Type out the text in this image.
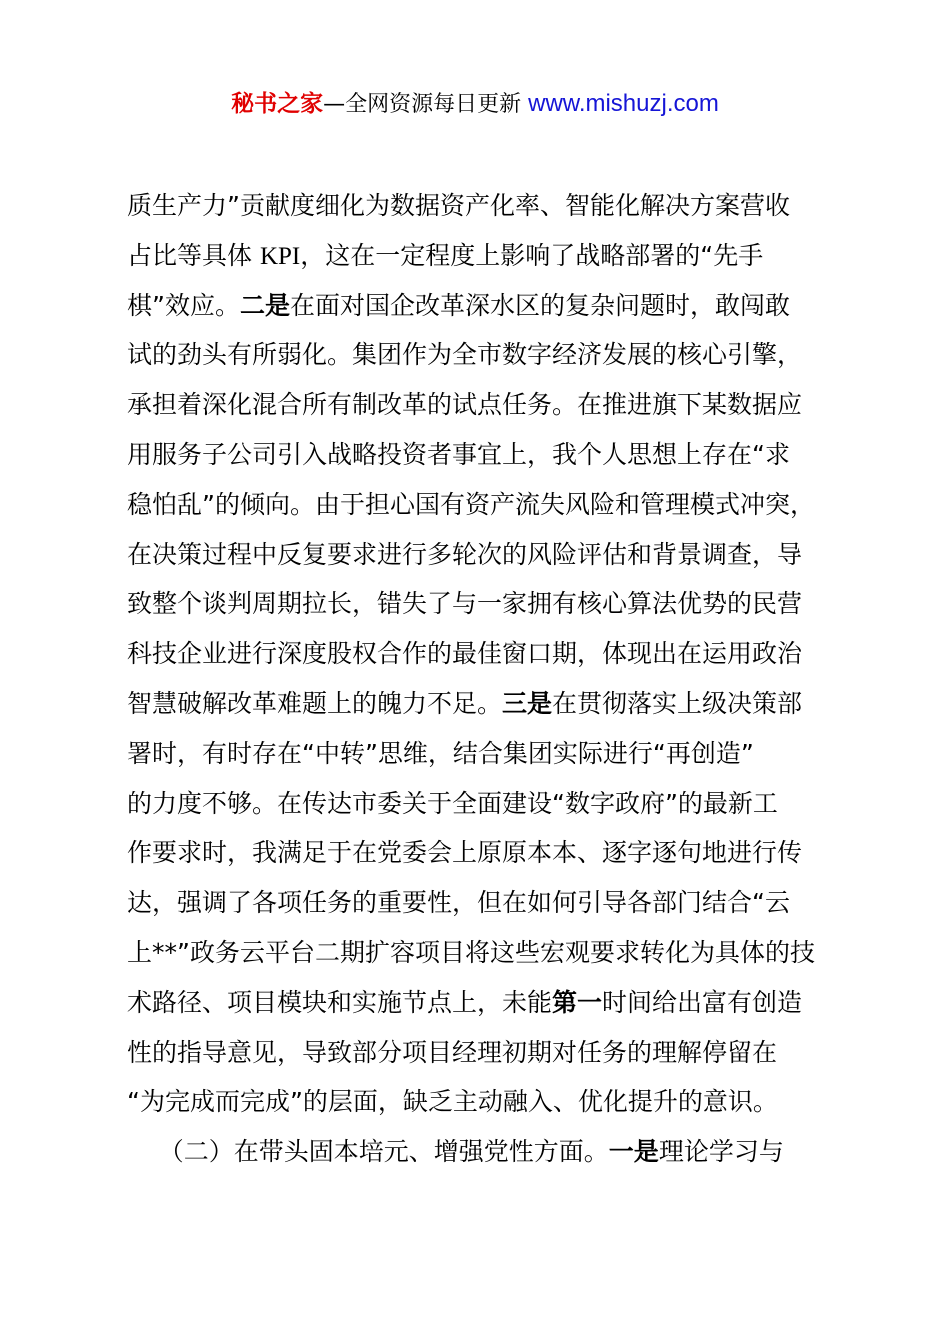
秘书之家—全网资源每日更新 www.mishuzj.com
质生产力”贡献度细化为数据资产化率、智能化解决方案营收
占比等具体 KPI，这在一定程度上影响了战略部署的“先手
棋”效应。二是在面对国企改革深水区的复杂问题时，敢闯敢
试的劲头有所弱化。集团作为全市数字经济发展的核心引擎，
承担着深化混合所有制改革的试点任务。在推进旗下某数据应
用服务子公司引入战略投资者事宜上，我个人思想上存在“求
稳怕乱”的倾向。由于担心国有资产流失风险和管理模式冲突，
在决策过程中反复要求进行多轮次的风险评估和背景调查，导
致整个谈判周期拉长，错失了与一家拥有核心算法优势的民营
科技企业进行深度股权合作的最佳窗口期，体现出在运用政治
智慧破解改革难题上的魄力不足。三是在贯彻落实上级决策部
署时，有时存在“中转”思维，结合集团实际进行“再创造”
的力度不够。在传达市委关于全面建设“数字政府”的最新工
作要求时，我满足于在党委会上原原本本、逐字逐句地进行传
达，强调了各项任务的重要性，但在如何引导各部门结合“云
上**”政务云平台二期扩容项目将这些宏观要求转化为具体的技
术路径、项目模块和实施节点上，未能第一时间给出富有创造
性的指导意见，导致部分项目经理初期对任务的理解停留在
“为完成而完成”的层面，缺乏主动融入、优化提升的意识。
（二）在带头固本培元、增强党性方面。一是理论学习与
